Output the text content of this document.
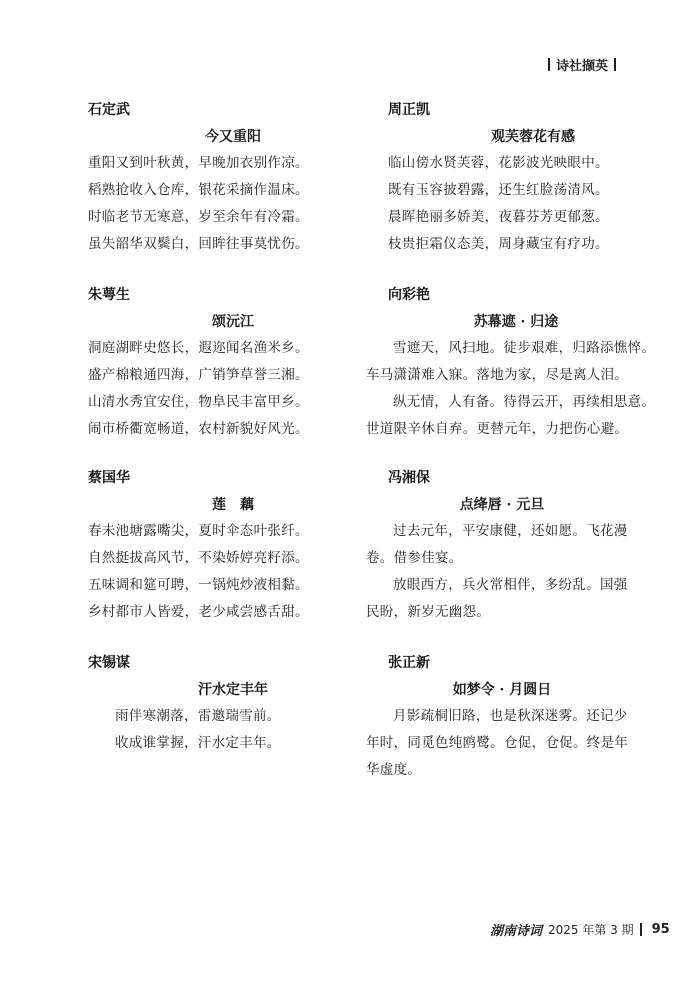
诗社撷英
石定武
今又重阳
重阳又到叶秋黄，早晚加衣别作凉。
稻熟抢收入仓库，银花采摘作温床。
时临老节无寒意，岁至余年有冷霜。
虽失韶华双鬓白，回眸往事莫忧伤。
周正凯
观芙蓉花有感
临山傍水贤芙蓉，花影波光映眼中。
既有玉容披碧露，还生红脸荡清风。
晨晖艳丽多娇美，夜暮芬芳更郁葱。
枝贵拒霜仪态美，周身藏宝有疗功。
朱萼生
颂沅江
洞庭湖畔史悠长，遐迩闻名渔米乡。
盛产棉粮通四海，广销笋草誉三湘。
山清水秀宜安住，物阜民丰富甲乡。
闹市桥衢宽畅道，农村新貌好风光。
向彩艳
苏幕遮 · 归途
雪遮天，风扫地。徒步艰难，归路添憔悴。
车马潇潇难入寐。落地为家，尽是离人泪。
纵无情，人有备。待得云开，再续相思意。
世道限辛休自弃。更替元年，力把伤心避。
蔡国华
莲　藕
春未池塘露嘴尖，夏时伞态叶张纤。
自然挺拔高风节，不染娇婷亮籽添。
五味调和筵可聘，一锅炖炒液相黏。
乡村都市人皆爱，老少咸尝感舌甜。
冯湘保
点绛唇 · 元旦
过去元年，平安康健，还如愿。飞花漫卷。借参佳宴。
放眼西方，兵火常相伴，多纷乱。国强民盼，新岁无幽怨。
宋锡谋
汗水定丰年
雨伴寒潮落，雷邀瑞雪前。
收成谁掌握，汗水定丰年。
张正新
如梦令 · 月圆日
月影疏桐旧路，也是秋深迷雾。还记少年时，同觅色纯鸥鹭。仓促，仓促。终是年华虚度。
湖南诗词 2025 年第 3 期 95
